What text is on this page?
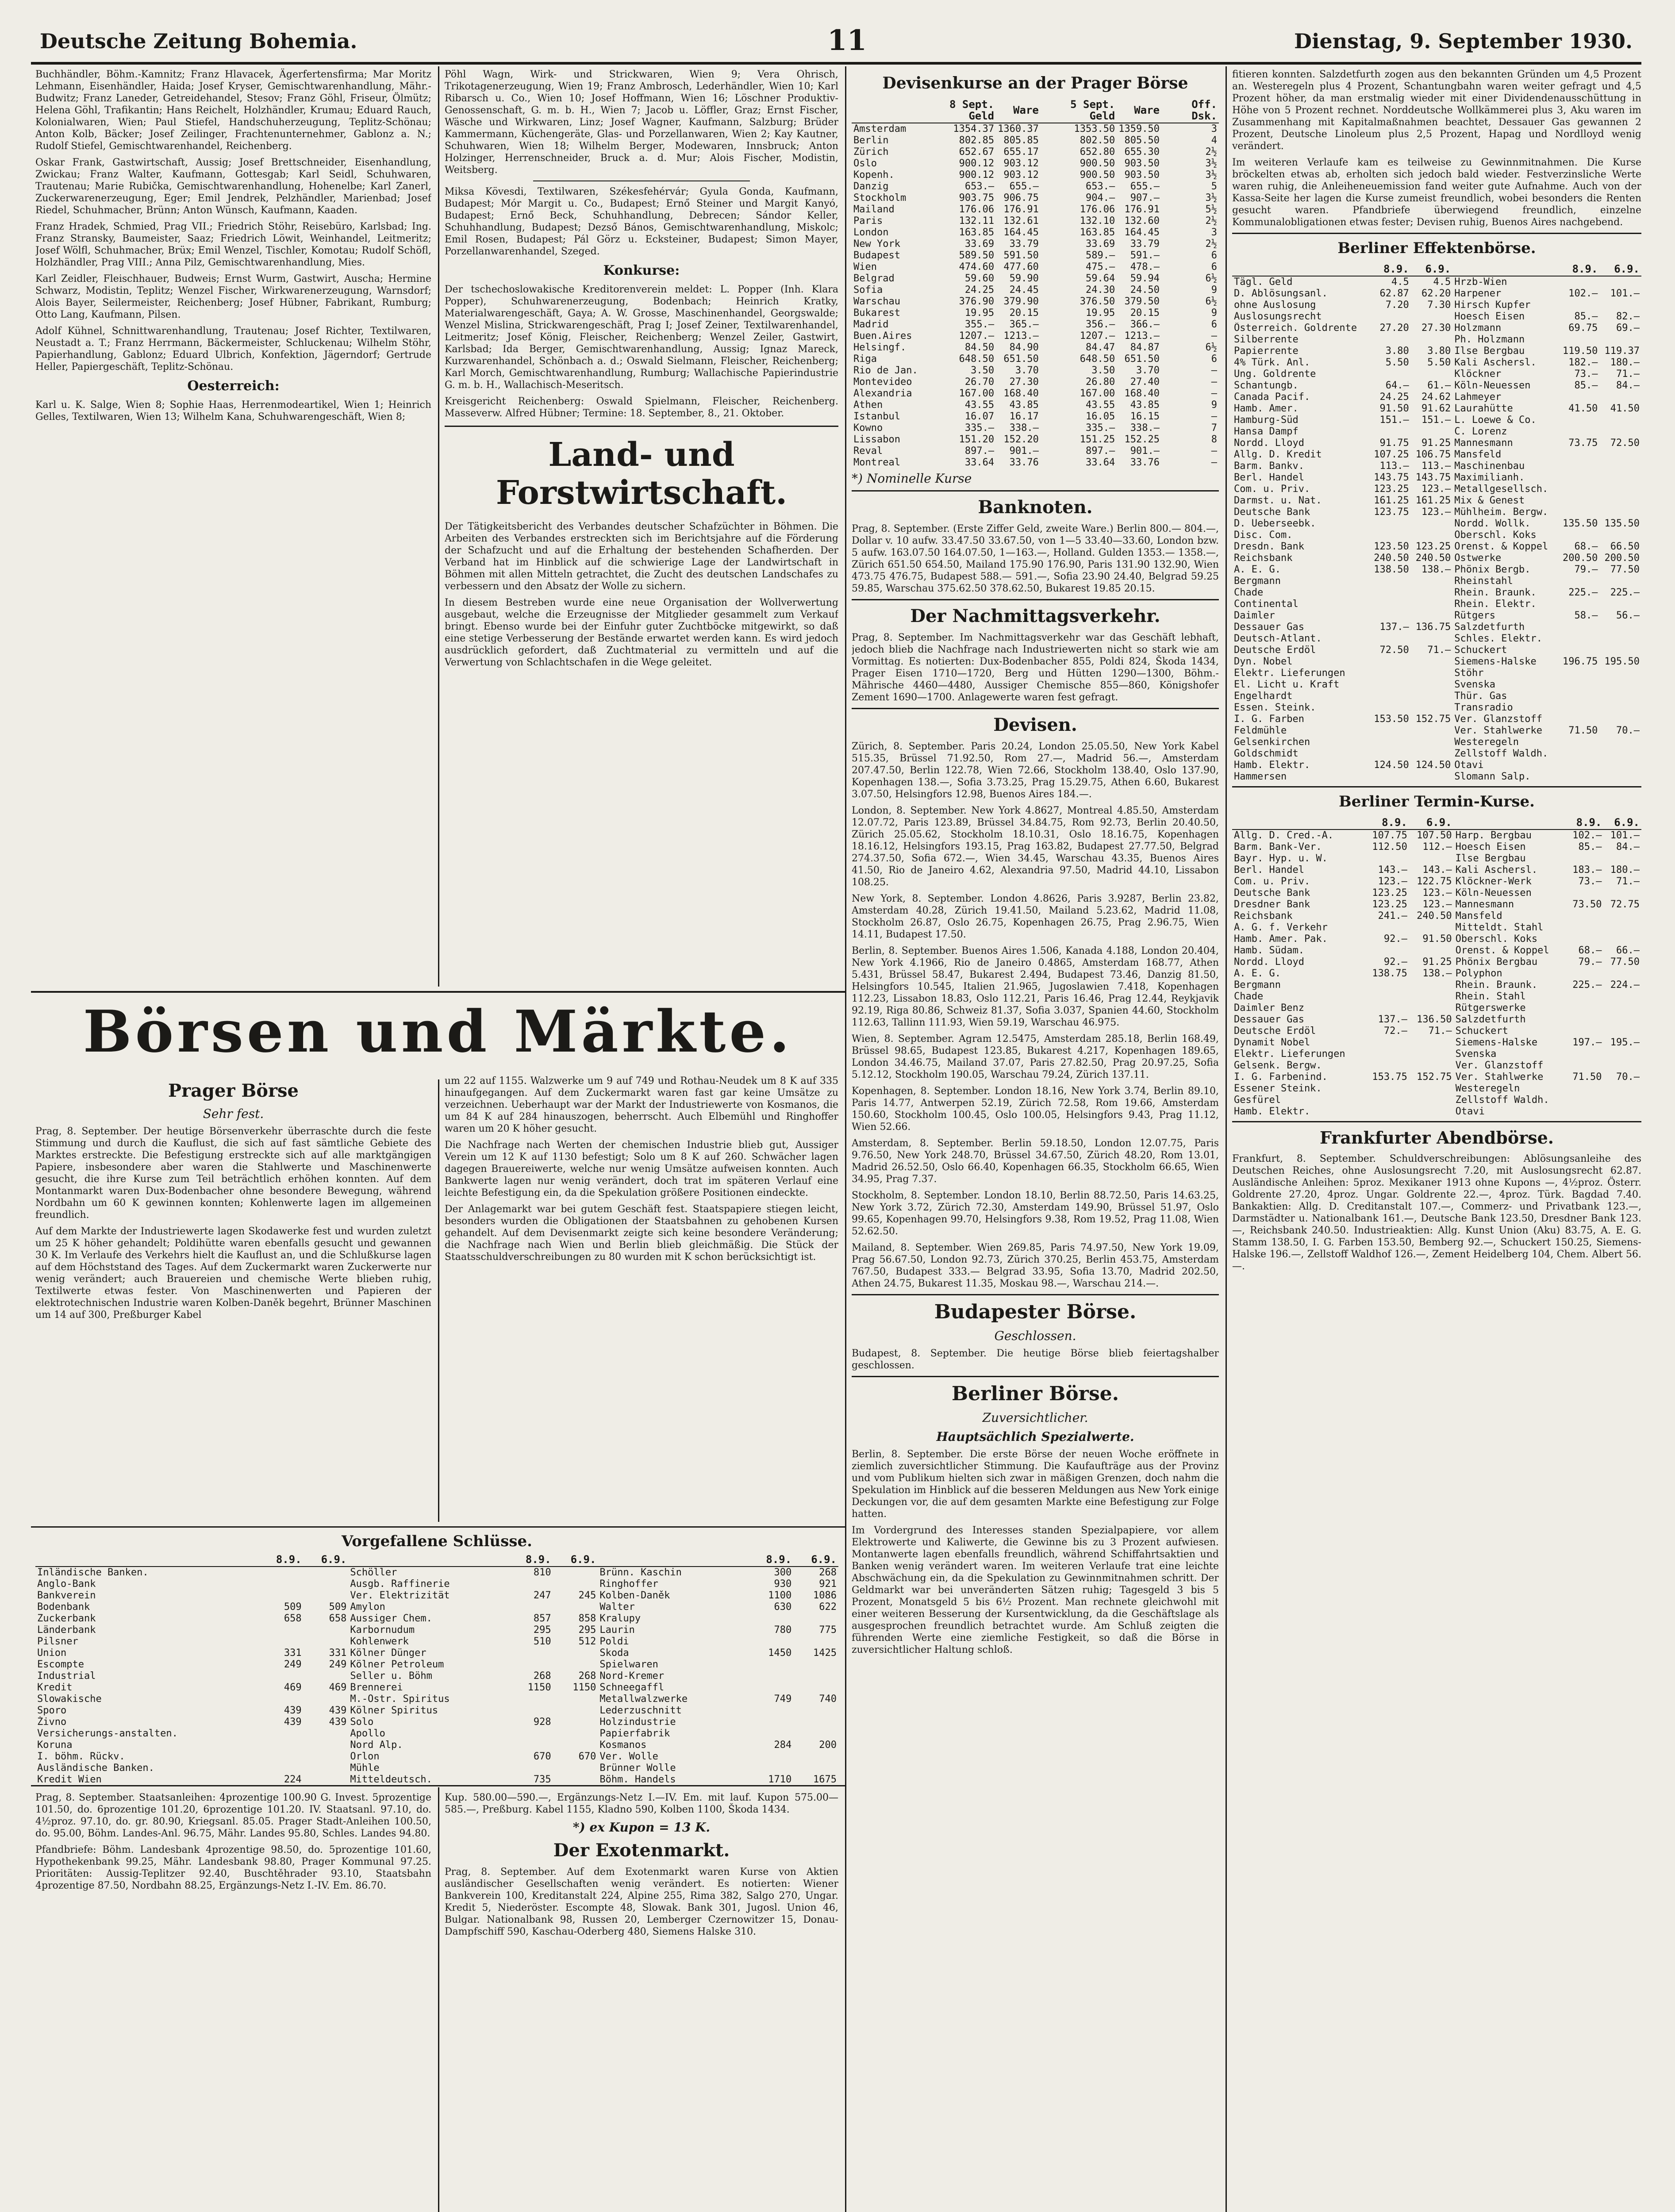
Deutsche Zeitung Bohemia.	11	Dienstag, 9. September 1930.

Buchhändler, Böhm.-Kamnitz; Franz Hlavacek, Ägerfertensfirma; Mar Moritz Lehmann, Eisenhändler, Haida; Josef Kryser, Gemischtwarenhandlung, Mähr.-Budwitz; Franz Laneder, Getreidehandel, Stesov; Franz Göhl, Friseur, Ölmütz; Helena Göhl, Trafikantin; Hans Reichelt, Holzhändler, Krumau; Eduard Rauch, Kolonialwaren, Wien; Paul Stiefel, Handschuherzeugung, Teplitz-Schönau; Anton Kolb, Bäcker; Josef Zeilinger, Frachtenunternehmer, Gablonz a. N.; Rudolf Stiefel, Gemischtwarenhandel, Reichenberg.

Oskar Frank, Gastwirtschaft, Aussig; Josef Brettschneider, Eisenhandlung, Zwickau; Franz Walter, Kaufmann, Gottesgab; Karl Seidl, Schuhwaren, Trautenau; Marie Rubička, Gemischtwarenhandlung, Hohenelbe; Karl Zanerl, Zuckerwarenerzeugung, Eger; Emil Jendrek, Pelzhändler, Marienbad; Josef Riedel, Schuhmacher, Brünn; Anton Wünsch, Kaufmann, Kaaden.

Franz Hradek, Schmied, Prag VII.; Friedrich Stöhr, Reisebüro, Karlsbad; Ing. Franz Stransky, Baumeister, Saaz; Friedrich Löwit, Weinhandel, Leitmeritz; Josef Wölfl, Schuhmacher, Brüx; Emil Wenzel, Tischler, Komotau; Rudolf Schöfl, Holzhändler, Prag VIII.; Anna Pilz, Gemischtwarenhandlung, Mies.

Karl Zeidler, Fleischhauer, Budweis; Ernst Wurm, Gastwirt, Auscha; Hermine Schwarz, Modistin, Teplitz; Wenzel Fischer, Wirkwarenerzeugung, Warnsdorf; Alois Bayer, Seilermeister, Reichenberg; Josef Hübner, Fabrikant, Rumburg; Otto Lang, Kaufmann, Pilsen.

Adolf Kühnel, Schnittwarenhandlung, Trautenau; Josef Richter, Textilwaren, Neustadt a. T.; Franz Herrmann, Bäckermeister, Schluckenau; Wilhelm Stöhr, Papierhandlung, Gablonz; Eduard Ulbrich, Konfektion, Jägerndorf; Gertrude Heller, Papiergeschäft, Teplitz-Schönau.

Oesterreich:

Karl u. K. Salge, Wien 8; Sophie Haas, Herrenmodeartikel, Wien 1; Heinrich Gelles, Textilwaren, Wien 13; Wilhelm Kana, Schuhwarengeschäft, Wien 8;

Pöhl Wagn, Wirk- und Strickwaren, Wien 9; Vera Ohrisch, Trikotagenerzeugung, Wien 19; Franz Ambrosch, Lederhändler, Wien 10; Karl Ribarsch u. Co., Wien 10; Josef Hoffmann, Wien 16; Löschner Produktiv-Genossenschaft, G. m. b. H., Wien 7; Jacob u. Löffler, Graz; Ernst Fischer, Wäsche und Wirkwaren, Linz; Josef Wagner, Kaufmann, Salzburg; Brüder Kammermann, Küchengeräte, Glas- und Porzellanwaren, Wien 2; Kay Kautner, Schuhwaren, Wien 18; Wilhelm Berger, Modewaren, Innsbruck; Anton Holzinger, Herrenschneider, Bruck a. d. Mur; Alois Fischer, Modistin, Weitsberg.

Miksa Kövesdi, Textilwaren, Székesfehérvár; Gyula Gonda, Kaufmann, Budapest; Mór Margit u. Co., Budapest; Ernő Steiner und Margit Kanyó, Budapest; Ernő Beck, Schuhhandlung, Debrecen; Sándor Keller, Schuhhandlung, Budapest; Dezső Bános, Gemischtwarenhandlung, Miskolc; Emil Rosen, Budapest; Pál Görz u. Ecksteiner, Budapest; Simon Mayer, Porzellanwarenhandel, Szeged.

Konkurse:

Der tschechoslowakische Kreditorenverein meldet: L. Popper (Inh. Klara Popper), Schuhwarenerzeugung, Bodenbach; Heinrich Kratky, Materialwarengeschäft, Gaya; A. W. Grosse, Maschinenhandel, Georgswalde; Wenzel Mislina, Strickwarengeschäft, Prag I; Josef Zeiner, Textilwarenhandel, Leitmeritz; Josef König, Fleischer, Reichenberg; Wenzel Zeiler, Gastwirt, Karlsbad; Ida Berger, Gemischtwarenhandlung, Aussig; Ignaz Mareck, Kurzwarenhandel, Schönbach a. d.; Oswald Sielmann, Fleischer, Reichenberg; Karl Morch, Gemischtwarenhandlung, Rumburg; Wallachische Papierindustrie G. m. b. H., Wallachisch-Meseritsch.

Kreisgericht Reichenberg: Oswald Spielmann, Fleischer, Reichenberg. Masseverw. Alfred Hübner; Termine: 18. September, 8., 21. Oktober.

Land- und Forstwirtschaft.

Der Tätigkeitsbericht des Verbandes deutscher Schafzüchter in Böhmen. Die Arbeiten des Verbandes erstreckten sich im Berichtsjahre auf die Förderung der Schafzucht und auf die Erhaltung der bestehenden Schafherden. Der Verband hat im Hinblick auf die schwierige Lage der Landwirtschaft in Böhmen mit allen Mitteln getrachtet, die Zucht des deutschen Landschafes zu verbessern und den Absatz der Wolle zu sichern.

In diesem Bestreben wurde eine neue Organisation der Wollverwertung ausgebaut, welche die Erzeugnisse der Mitglieder gesammelt zum Verkauf bringt. Ebenso wurde bei der Einfuhr guter Zuchtböcke mitgewirkt, so daß eine stetige Verbesserung der Bestände erwartet werden kann. Es wird jedoch ausdrücklich gefordert, daß Zuchtmaterial zu vermitteln und auf die Verwertung von Schlachtschafen in die Wege geleitet.

Börsen und Märkte.
Prager Börse
Sehr fest.

Prag, 8. September. Der heutige Börsenverkehr überraschte durch die feste Stimmung und durch die Kauflust, die sich auf fast sämtliche Gebiete des Marktes erstreckte. Die Befestigung erstreckte sich auf alle marktgängigen Papiere, insbesondere aber waren die Stahlwerte und Maschinenwerte gesucht, die ihre Kurse zum Teil beträchtlich erhöhen konnten. Auf dem Montanmarkt waren Dux-Bodenbacher ohne besondere Bewegung, während Nordbahn um 60 K gewinnen konnten; Kohlenwerte lagen im allgemeinen freundlich.

Auf dem Markte der Industriewerte lagen Skodawerke fest und wurden zuletzt um 25 K höher gehandelt; Poldihütte waren ebenfalls gesucht und gewannen 30 K. Im Verlaufe des Verkehrs hielt die Kauflust an, und die Schlußkurse lagen auf dem Höchststand des Tages. Auf dem Zuckermarkt waren Zuckerwerte nur wenig verändert; auch Brauereien und chemische Werte blieben ruhig, Textilwerte etwas fester. Von Maschinenwerten und Papieren der elektrotechnischen Industrie waren Kolben-Daněk begehrt, Brünner Maschinen um 14 auf 300, Preßburger Kabel

um 22 auf 1155. Walzwerke um 9 auf 749 und Rothau-Neudek um 8 K auf 335 hinaufgegangen. Auf dem Zuckermarkt waren fast gar keine Umsätze zu verzeichnen. Ueberhaupt war der Markt der Industriewerte von Kosmanos, die um 84 K auf 284 hinauszogen, beherrscht. Auch Elbemühl und Ringhoffer waren um 20 K höher gesucht.

Die Nachfrage nach Werten der chemischen Industrie blieb gut, Aussiger Verein um 12 K auf 1130 befestigt; Solo um 8 K auf 260. Schwächer lagen dagegen Brauereiwerte, welche nur wenig Umsätze aufweisen konnten. Auch Bankwerte lagen nur wenig verändert, doch trat im späteren Verlauf eine leichte Befestigung ein, da die Spekulation größere Positionen eindeckte.

Der Anlagemarkt war bei gutem Geschäft fest. Staatspapiere stiegen leicht, besonders wurden die Obligationen der Staatsbahnen zu gehobenen Kursen gehandelt. Auf dem Devisenmarkt zeigte sich keine besondere Veränderung; die Nachfrage nach Wien und Berlin blieb gleichmäßig. Die Stück der Staatsschuldverschreibungen zu 80 wurden mit K schon berücksichtigt ist.

Vorgefallene Schlüsse.
	8.9.	6.9.		8.9.	6.9.		8.9.	6.9.
Inländische Banken.			Schöller	810		Brünn. Kaschin	300	268
Anglo-Bank			Ausgb. Raffinerie			Ringhoffer	930	921
Bankverein			Ver. Elektrizität	247	245	Kolben-Daněk	1100	1086
Bodenbank	509	509	Amylon			Walter	630	622
Zuckerbank	658	658	Aussiger Chem.	857	858	Kralupy		
Länderbank			Karbornudum	295	295	Laurin	780	775
Pilsner			Kohlenwerk	510	512	Poldi		
Union	331	331	Kölner Dünger			Skoda	1450	1425
Escompte	249	249	Kölner Petroleum			Spielwaren		
Industrial			Seller u. Böhm	268	268	Nord-Kremer		
Kredit	469	469	Brennerei	1150	1150	Schneegaffl		
Slowakische			M.-Ostr. Spiritus			Metallwalzwerke	749	740
Sporo	439	439	Kölner Spiritus			Lederzuschnitt		
Živno	439	439	Solo	928		Holzindustrie		
Versicherungs-anstalten.			Apollo			Papierfabrik		
Koruna			Nord Alp.			Kosmanos	284	200
I. böhm. Rückv.			Orlon	670	670	Ver. Wolle		
Ausländische Banken.			Mühle			Brünner Wolle		
Kredit Wien	224		Mitteldeutsch.	735		Böhm. Handels	1710	1675

Prag, 8. September. Staatsanleihen: 4prozentige 100.90 G. Invest. 5prozentige 101.50, do. 6prozentige 101.20, 6prozentige 101.20. IV. Staatsanl. 97.10, do. 4½proz. 97.10, do. gr. 80.90, Kriegsanl. 85.05. Prager Stadt-Anleihen 100.50, do. 95.00, Böhm. Landes-Anl. 96.75, Mähr. Landes 95.80, Schles. Landes 94.80.

Pfandbriefe: Böhm. Landesbank 4prozentige 98.50, do. 5prozentige 101.60, Hypothekenbank 99.25, Mähr. Landesbank 98.80, Prager Kommunal 97.25. Prioritäten: Aussig-Teplitzer 92.40, Buschtěhrader 93.10, Staatsbahn 4prozentige 87.50, Nordbahn 88.25, Ergänzungs-Netz I.-IV. Em. 86.70.

Kup. 580.00—590.—, Ergänzungs-Netz I.—IV. Em. mit lauf. Kupon 575.00—585.—, Preßburg. Kabel 1155, Kladno 590, Kolben 1100, Škoda 1434.

*) ex Kupon = 13 K.
Der Exotenmarkt.

Prag, 8. September. Auf dem Exotenmarkt waren Kurse von Aktien ausländischer Gesellschaften wenig verändert. Es notierten: Wiener Bankverein 100, Kreditanstalt 224, Alpine 255, Rima 382, Salgo 270, Ungar. Kredit 5, Niederöster. Escompte 48, Slowak. Bank 301, Jugosl. Union 46, Bulgar. Nationalbank 98, Russen 20, Lemberger Czernowitzer 15, Donau-Dampfschiff 590, Kaschau-Oderberg 480, Siemens Halske 310.

Devisenkurse an der Prager Börse
	8 Sept. Geld	Ware	5 Sept. Geld	Ware	Off. Dsk.
Amsterdam	1354.37	1360.37	1353.50	1359.50	3
Berlin	802.85	805.85	802.50	805.50	4
Zürich	652.67	655.17	652.80	655.30	2½
Oslo	900.12	903.12	900.50	903.50	3½
Kopenh.	900.12	903.12	900.50	903.50	3½
Danzig	653.—	655.—	653.—	655.—	5
Stockholm	903.75	906.75	904.—	907.—	3½
Mailand	176.06	176.91	176.06	176.91	5½
Paris	132.11	132.61	132.10	132.60	2½
London	163.85	164.45	163.85	164.45	3
New York	33.69	33.79	33.69	33.79	2½
Budapest	589.50	591.50	589.—	591.—	6
Wien	474.60	477.60	475.—	478.—	6
Belgrad	59.60	59.90	59.64	59.94	6½
Sofia	24.25	24.45	24.30	24.50	9
Warschau	376.90	379.90	376.50	379.50	6½
Bukarest	19.95	20.15	19.95	20.15	9
Madrid	355.—	365.—	356.—	366.—	6
Buen.Aires	1207.—	1213.—	1207.—	1213.—	—
Helsingf.	84.50	84.90	84.47	84.87	6½
Riga	648.50	651.50	648.50	651.50	6
Rio de Jan.	3.50	3.70	3.50	3.70	—
Montevideo	26.70	27.30	26.80	27.40	—
Alexandria	167.00	168.40	167.00	168.40	—
Athen	43.55	43.85	43.55	43.85	9
Istanbul	16.07	16.17	16.05	16.15	—
Kowno	335.—	338.—	335.—	338.—	7
Lissabon	151.20	152.20	151.25	152.25	8
Reval	897.—	901.—	897.—	901.—	—
Montreal	33.64	33.76	33.64	33.76	—
*) Nominelle Kurse
Banknoten.

Prag, 8. September. (Erste Ziffer Geld, zweite Ware.) Berlin 800.— 804.—, Dollar v. 10 aufw. 33.47.50 33.67.50, von 1—5 33.40—33.60, London bzw. 5 aufw. 163.07.50 164.07.50, 1—163.—, Holland. Gulden 1353.— 1358.—, Zürich 651.50 654.50, Mailand 175.90 176.90, Paris 131.90 132.90, Wien 473.75 476.75, Budapest 588.— 591.—, Sofia 23.90 24.40, Belgrad 59.25 59.85, Warschau 375.62.50 378.62.50, Bukarest 19.85 20.15.

Der Nachmittagsverkehr.

Prag, 8. September. Im Nachmittagsverkehr war das Geschäft lebhaft, jedoch blieb die Nachfrage nach Industriewerten nicht so stark wie am Vormittag. Es notierten: Dux-Bodenbacher 855, Poldi 824, Škoda 1434, Prager Eisen 1710—1720, Berg und Hütten 1290—1300, Böhm.-Mährische 4460—4480, Aussiger Chemische 855—860, Königshofer Zement 1690—1700. Anlagewerte waren fest gefragt.

Devisen.

Zürich, 8. September. Paris 20.24, London 25.05.50, New York Kabel 515.35, Brüssel 71.92.50, Rom 27.—, Madrid 56.—, Amsterdam 207.47.50, Berlin 122.78, Wien 72.66, Stockholm 138.40, Oslo 137.90, Kopenhagen 138.—, Sofia 3.73.25, Prag 15.29.75, Athen 6.60, Bukarest 3.07.50, Helsingfors 12.98, Buenos Aires 184.—.

London, 8. September. New York 4.8627, Montreal 4.85.50, Amsterdam 12.07.72, Paris 123.89, Brüssel 34.84.75, Rom 92.73, Berlin 20.40.50, Zürich 25.05.62, Stockholm 18.10.31, Oslo 18.16.75, Kopenhagen 18.16.12, Helsingfors 193.15, Prag 163.82, Budapest 27.77.50, Belgrad 274.37.50, Sofia 672.—, Wien 34.45, Warschau 43.35, Buenos Aires 41.50, Rio de Janeiro 4.62, Alexandria 97.50, Madrid 44.10, Lissabon 108.25.

New York, 8. September. London 4.8626, Paris 3.9287, Berlin 23.82, Amsterdam 40.28, Zürich 19.41.50, Mailand 5.23.62, Madrid 11.08, Stockholm 26.87, Oslo 26.75, Kopenhagen 26.75, Prag 2.96.75, Wien 14.11, Budapest 17.50.

Berlin, 8. September. Buenos Aires 1.506, Kanada 4.188, London 20.404, New York 4.1966, Rio de Janeiro 0.4865, Amsterdam 168.77, Athen 5.431, Brüssel 58.47, Bukarest 2.494, Budapest 73.46, Danzig 81.50, Helsingfors 10.545, Italien 21.965, Jugoslawien 7.418, Kopenhagen 112.23, Lissabon 18.83, Oslo 112.21, Paris 16.46, Prag 12.44, Reykjavik 92.19, Riga 80.86, Schweiz 81.37, Sofia 3.037, Spanien 44.60, Stockholm 112.63, Tallinn 111.93, Wien 59.19, Warschau 46.975.

Wien, 8. September. Agram 12.5475, Amsterdam 285.18, Berlin 168.49, Brüssel 98.65, Budapest 123.85, Bukarest 4.217, Kopenhagen 189.65, London 34.46.75, Mailand 37.07, Paris 27.82.50, Prag 20.97.25, Sofia 5.12.12, Stockholm 190.05, Warschau 79.24, Zürich 137.11.

Kopenhagen, 8. September. London 18.16, New York 3.74, Berlin 89.10, Paris 14.77, Antwerpen 52.19, Zürich 72.58, Rom 19.66, Amsterdam 150.60, Stockholm 100.45, Oslo 100.05, Helsingfors 9.43, Prag 11.12, Wien 52.66.

Amsterdam, 8. September. Berlin 59.18.50, London 12.07.75, Paris 9.76.50, New York 248.70, Brüssel 34.67.50, Zürich 48.20, Rom 13.01, Madrid 26.52.50, Oslo 66.40, Kopenhagen 66.35, Stockholm 66.65, Wien 34.95, Prag 7.37.

Stockholm, 8. September. London 18.10, Berlin 88.72.50, Paris 14.63.25, New York 3.72, Zürich 72.30, Amsterdam 149.90, Brüssel 51.97, Oslo 99.65, Kopenhagen 99.70, Helsingfors 9.38, Rom 19.52, Prag 11.08, Wien 52.62.50.

Mailand, 8. September. Wien 269.85, Paris 74.97.50, New York 19.09, Prag 56.67.50, London 92.73, Zürich 370.25, Berlin 453.75, Amsterdam 767.50, Budapest 333.— Belgrad 33.95, Sofia 13.70, Madrid 202.50, Athen 24.75, Bukarest 11.35, Moskau 98.—, Warschau 214.—.

Budapester Börse.
Geschlossen.

Budapest, 8. September. Die heutige Börse blieb feiertagshalber geschlossen.

Berliner Börse.
Zuversichtlicher.
Hauptsächlich Spezialwerte.

Berlin, 8. September. Die erste Börse der neuen Woche eröffnete in ziemlich zuversichtlicher Stimmung. Die Kaufaufträge aus der Provinz und vom Publikum hielten sich zwar in mäßigen Grenzen, doch nahm die Spekulation im Hinblick auf die besseren Meldungen aus New York einige Deckungen vor, die auf dem gesamten Markte eine Befestigung zur Folge hatten.

Im Vordergrund des Interesses standen Spezialpapiere, vor allem Elektrowerte und Kaliwerte, die Gewinne bis zu 3 Prozent aufwiesen. Montanwerte lagen ebenfalls freundlich, während Schiffahrtsaktien und Banken wenig verändert waren. Im weiteren Verlaufe trat eine leichte Abschwächung ein, da die Spekulation zu Gewinnmitnahmen schritt. Der Geldmarkt war bei unveränderten Sätzen ruhig; Tagesgeld 3 bis 5 Prozent, Monatsgeld 5 bis 6½ Prozent. Man rechnete gleichwohl mit einer weiteren Besserung der Kursentwicklung, da die Geschäftslage als ausgesprochen freundlich betrachtet wurde. Am Schluß zeigten die führenden Werte eine ziemliche Festigkeit, so daß die Börse in zuversichtlicher Haltung schloß.

fitieren konnten. Salzdetfurth zogen aus den bekannten Gründen um 4,5 Prozent an. Westeregeln plus 4 Prozent, Schantungbahn waren weiter gefragt und 4,5 Prozent höher, da man erstmalig wieder mit einer Dividendenausschüttung in Höhe von 5 Prozent rechnet. Norddeutsche Wollkämmerei plus 3, Aku waren im Zusammenhang mit Kapitalmaßnahmen beachtet, Dessauer Gas gewannen 2 Prozent, Deutsche Linoleum plus 2,5 Prozent, Hapag und Nordlloyd wenig verändert.

Im weiteren Verlaufe kam es teilweise zu Gewinnmitnahmen. Die Kurse bröckelten etwas ab, erholten sich jedoch bald wieder. Festverzinsliche Werte waren ruhig, die Anleiheneuemission fand weiter gute Aufnahme. Auch von der Kassa-Seite her lagen die Kurse zumeist freundlich, wobei besonders die Renten gesucht waren. Pfandbriefe überwiegend freundlich, einzelne Kommunalobligationen etwas fester; Devisen ruhig, Buenos Aires nachgebend.

Berliner Effektenbörse.
	8.9.	6.9.		8.9.	6.9.
Tägl. Geld	4.5	4.5	Hrzb-Wien		
D. Ablösungsanl.	62.87	62.20	Harpener	102.—	101.—
ohne Auslosung	7.20	7.30	Hirsch Kupfer		
Auslosungsrecht			Hoesch Eisen	85.—	82.—
Österreich. Goldrente	27.20	27.30	Holzmann	69.75	69.—
Silberrente			Ph. Holzmann		
Papierrente	3.80	3.80	Ilse Bergbau	119.50	119.37
4% Türk. Anl.	5.50	5.50	Kali Aschersl.	182.—	180.—
Ung. Goldrente			Klöckner	73.—	71.—
Schantungb.	64.—	61.—	Köln-Neuessen	85.—	84.—
Canada Pacif.	24.25	24.62	Lahmeyer		
Hamb. Amer.	91.50	91.62	Laurahütte	41.50	41.50
Hamburg-Süd	151.—	151.—	L. Loewe & Co.		
Hansa Dampf			C. Lorenz		
Nordd. Lloyd	91.75	91.25	Mannesmann	73.75	72.50
Allg. D. Kredit	107.25	106.75	Mansfeld		
Barm. Bankv.	113.—	113.—	Maschinenbau		
Berl. Handel	143.75	143.75	Maximilianh.		
Com. u. Priv.	123.25	123.—	Metallgesellsch.		
Darmst. u. Nat.	161.25	161.25	Mix & Genest		
Deutsche Bank	123.75	123.—	Mühlheim. Bergw.		
D. Ueberseebk.			Nordd. Wollk.	135.50	135.50
Disc. Com.			Oberschl. Koks		
Dresdn. Bank	123.50	123.25	Orenst. & Koppel	68.—	66.50
Reichsbank	240.50	240.50	Ostwerke	200.50	200.50
A. E. G.	138.50	138.—	Phönix Bergb.	79.—	77.50
Bergmann			Rheinstahl		
Chade			Rhein. Braunk.	225.—	225.—
Continental			Rhein. Elektr.		
Daimler			Rütgers	58.—	56.—
Dessauer Gas	137.—	136.75	Salzdetfurth		
Deutsch-Atlant.			Schles. Elektr.		
Deutsche Erdöl	72.50	71.—	Schuckert		
Dyn. Nobel			Siemens-Halske	196.75	195.50
Elektr. Lieferungen			Stöhr		
El. Licht u. Kraft			Svenska		
Engelhardt			Thür. Gas		
Essen. Steink.			Transradio		
I. G. Farben	153.50	152.75	Ver. Glanzstoff		
Feldmühle			Ver. Stahlwerke	71.50	70.—
Gelsenkirchen			Westeregeln		
Goldschmidt			Zellstoff Waldh.		
Hamb. Elektr.	124.50	124.50	Otavi		
Hammersen			Slomann Salp.		
Berliner Termin-Kurse.
	8.9.	6.9.		8.9.	6.9.
Allg. D. Cred.-A.	107.75	107.50	Harp. Bergbau	102.—	101.—
Barm. Bank-Ver.	112.50	112.—	Hoesch Eisen	85.—	84.—
Bayr. Hyp. u. W.			Ilse Bergbau		
Berl. Handel	143.—	143.—	Kali Aschersl.	183.—	180.—
Com. u. Priv.	123.—	122.75	Klöckner-Werk	73.—	71.—
Deutsche Bank	123.25	123.—	Köln-Neuessen		
Dresdner Bank	123.25	123.—	Mannesmann	73.50	72.75
Reichsbank	241.—	240.50	Mansfeld		
A. G. f. Verkehr			Mitteldt. Stahl		
Hamb. Amer. Pak.	92.—	91.50	Oberschl. Koks		
Hamb. Südam.			Orenst. & Koppel	68.—	66.—
Nordd. Lloyd	92.—	91.25	Phönix Bergbau	79.—	77.50
A. E. G.	138.75	138.—	Polyphon		
Bergmann			Rhein. Braunk.	225.—	224.—
Chade			Rhein. Stahl		
Daimler Benz			Rütgerswerke		
Dessauer Gas	137.—	136.50	Salzdetfurth		
Deutsche Erdöl	72.—	71.—	Schuckert		
Dynamit Nobel			Siemens-Halske	197.—	195.—
Elektr. Lieferungen			Svenska		
Gelsenk. Bergw.			Ver. Glanzstoff		
I. G. Farbenind.	153.75	152.75	Ver. Stahlwerke	71.50	70.—
Essener Steink.			Westeregeln		
Gesfürel			Zellstoff Waldh.		
Hamb. Elektr.			Otavi		
Frankfurter Abendbörse.

Frankfurt, 8. September. Schuldverschreibungen: Ablösungsanleihe des Deutschen Reiches, ohne Auslosungsrecht 7.20, mit Auslosungsrecht 62.87. Ausländische Anleihen: 5proz. Mexikaner 1913 ohne Kupons —, 4½proz. Österr. Goldrente 27.20, 4proz. Ungar. Goldrente 22.—, 4proz. Türk. Bagdad 7.40. Bankaktien: Allg. D. Creditanstalt 107.—, Commerz- und Privatbank 123.—, Darmstädter u. Nationalbank 161.—, Deutsche Bank 123.50, Dresdner Bank 123.—, Reichsbank 240.50. Industrieaktien: Allg. Kunst Union (Aku) 83.75, A. E. G. Stamm 138.50, I. G. Farben 153.50, Bemberg 92.—, Schuckert 150.25, Siemens-Halske 196.—, Zellstoff Waldhof 126.—, Zement Heidelberg 104, Chem. Albert 56.—.
